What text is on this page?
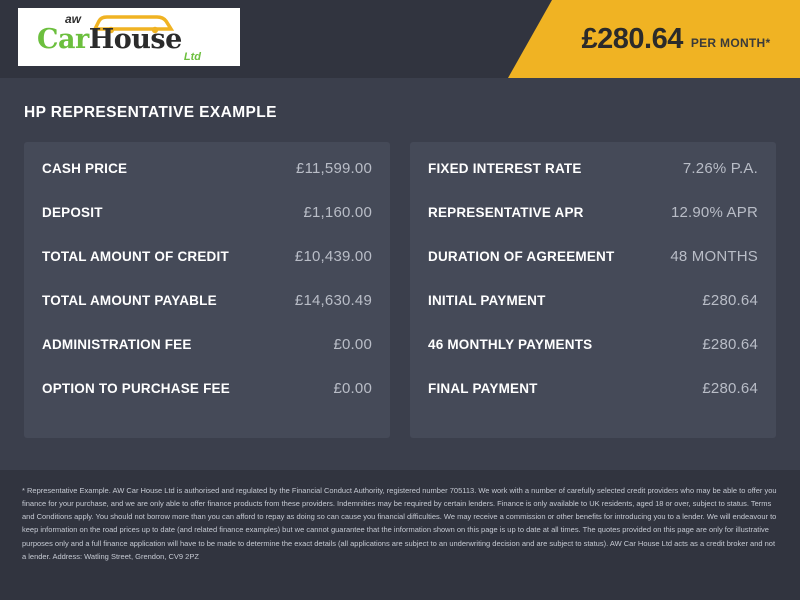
aw
CarHouse
Ltd
£280.64 PER MONTH*
HP REPRESENTATIVE EXAMPLE
CASH PRICE	£11,599.00
DEPOSIT	£1,160.00
TOTAL AMOUNT OF CREDIT	£10,439.00
TOTAL AMOUNT PAYABLE	£14,630.49
ADMINISTRATION FEE	£0.00
OPTION TO PURCHASE FEE	£0.00
FIXED INTEREST RATE	7.26% P.A.
REPRESENTATIVE APR	12.90% APR
DURATION OF AGREEMENT	48 MONTHS
INITIAL PAYMENT	£280.64
46 MONTHLY PAYMENTS	£280.64
FINAL PAYMENT	£280.64

* Representative Example. AW Car House Ltd is authorised and regulated by the Financial Conduct Authority, registered number 705113. We work with a number of carefully selected credit providers who may be able to offer you finance for your purchase, and we are only able to offer finance products from these providers. Indemnities may be required by certain lenders. Finance is only available to UK residents, aged 18 or over, subject to status. Terms and Conditions apply. You should not borrow more than you can afford to repay as doing so can cause you financial difficulties. We may receive a commission or other benefits for introducing you to a lender. We will endeavour to keep information on the road prices up to date (and related finance examples) but we cannot guarantee that the information shown on this page is up to date at all times. The quotes provided on this page are only for illustrative purposes only and a full finance application will have to be made to determine the exact details (all applications are subject to an underwriting decision and are subject to status). AW Car House Ltd acts as a credit broker and not a lender. Address: Watling Street, Grendon, CV9 2PZ
